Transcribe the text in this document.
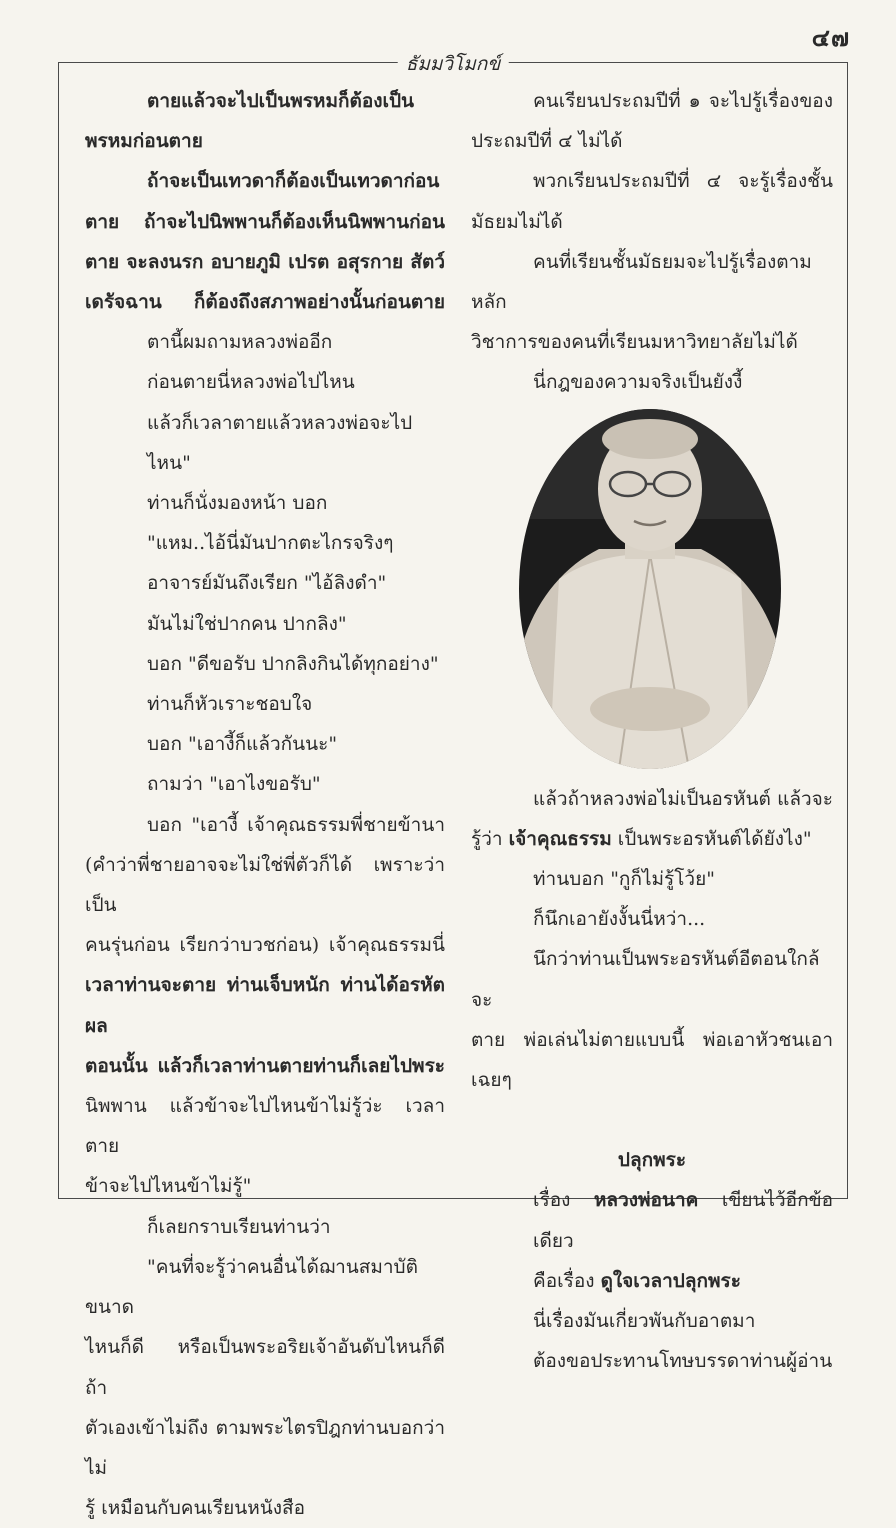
๔๗
ธัมมวิโมกข์

ตายแล้วจะไปเป็นพรหมก็ต้องเป็น

พรหมก่อนตาย

ถ้าจะเป็นเทวดาก็ต้องเป็นเทวดาก่อน

ตาย ถ้าจะไปนิพพานก็ต้องเห็นนิพพานก่อน

ตาย จะลงนรก อบายภูมิ เปรต อสุรกาย สัตว์

เดรัจฉาน ก็ต้องถึงสภาพอย่างนั้นก่อนตาย

ตานี้ผมถามหลวงพ่ออีก

ก่อนตายนี่หลวงพ่อไปไหน

แล้วก็เวลาตายแล้วหลวงพ่อจะไปไหน"

ท่านก็นั่งมองหน้า บอก

"แหม..ไอ้นี่มันปากตะไกรจริงๆ

อาจารย์มันถึงเรียก "ไอ้ลิงดำ"

มันไม่ใช่ปากคน ปากลิง"

บอก "ดีขอรับ ปากลิงกินได้ทุกอย่าง"

ท่านก็หัวเราะชอบใจ

บอก "เอางี้ก็แล้วกันนะ"

ถามว่า "เอาไงขอรับ"

บอก "เอางี้ เจ้าคุณธรรมพี่ชายข้านา

(คำว่าพี่ชายอาจจะไม่ใช่พี่ตัวก็ได้ เพราะว่าเป็น

คนรุ่นก่อน เรียกว่าบวชก่อน) เจ้าคุณธรรมนี่

เวลาท่านจะตาย ท่านเจ็บหนัก ท่านได้อรหัตผล

ตอนนั้น แล้วก็เวลาท่านตายท่านก็เลยไปพระ

นิพพาน แล้วข้าจะไปไหนข้าไม่รู้ว่ะ เวลาตาย

ข้าจะไปไหนข้าไม่รู้"

ก็เลยกราบเรียนท่านว่า

"คนที่จะรู้ว่าคนอื่นได้ฌานสมาบัติขนาด

ไหนก็ดี หรือเป็นพระอริยเจ้าอันดับไหนก็ดี ถ้า

ตัวเองเข้าไม่ถึง ตามพระไตรปิฎกท่านบอกว่าไม่

รู้ เหมือนกับคนเรียนหนังสือ

คนเรียนประถมปีที่ ๑ จะไปรู้เรื่องของ

ประถมปีที่ ๔ ไม่ได้

พวกเรียนประถมปีที่ ๔ จะรู้เรื่องชั้น

มัธยมไม่ได้

คนที่เรียนชั้นมัธยมจะไปรู้เรื่องตามหลัก

วิชาการของคนที่เรียนมหาวิทยาลัยไม่ได้

นี่กฎของความจริงเป็นยังงี้

แล้วถ้าหลวงพ่อไม่เป็นอรหันต์ แล้วจะ

รู้ว่า เจ้าคุณธรรม เป็นพระอรหันต์ได้ยังไง"

ท่านบอก "กูก็ไม่รู้โว้ย"

ก็นึกเอายังงั้นนี่หว่า...

นึกว่าท่านเป็นพระอรหันต์อีตอนใกล้จะ

ตาย พ่อเล่นไม่ตายแบบนี้ พ่อเอาหัวชนเอาเฉยๆ

ปลุกพระ

เรื่อง หลวงพ่อนาค เขียนไว้อีกข้อเดียว

คือเรื่อง ดูใจเวลาปลุกพระ

นี่เรื่องมันเกี่ยวพันกับอาตมา

ต้องขอประทานโทษบรรดาท่านผู้อ่าน
